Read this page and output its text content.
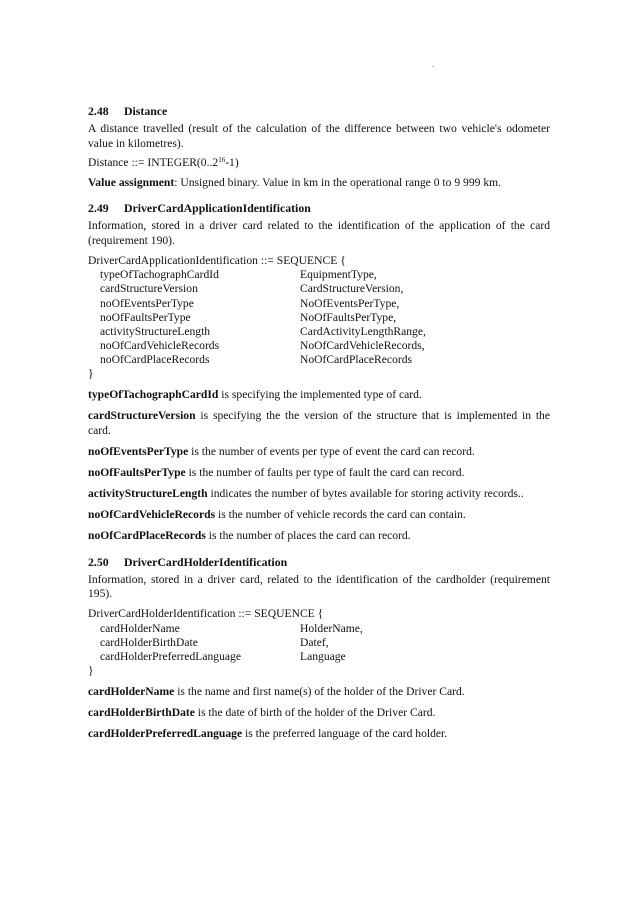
2.48 Distance

A distance travelled (result of the calculation of the difference between two vehicle's odometer value in kilometres).

Distance ::= $INTEGER(0..2^{16}-1)$

Value assignment: Unsigned binary. Value in km in the operational range 0 to 9 999 km.

2.49 DriverCardApplicationIdentification

Information, stored in a driver card related to the identification of the application of the card (requirement 190).

DriverCardApplicationIdentification ::= SEQUENCE {
typeOfTachographCardId	EquipmentType,
cardStructureVersion	CardStructureVersion,
noOfEventsPerType	NoOfEventsPerType,
noOfFaultsPerType	NoOfFaultsPerType,
activityStructureLength	CardActivityLengthRange,
noOfCardVehicleRecords	NoOfCardVehicleRecords,
noOfCardPlaceRecords	NoOfCardPlaceRecords
}

typeOfTachographCardId is specifying the implemented type of card.

cardStructureVersion is specifying the the version of the structure that is implemented in the card.

noOfEventsPerType is the number of events per type of event the card can record.

noOfFaultsPerType is the number of faults per type of fault the card can record.

activityStructureLength indicates the number of bytes available for storing activity records..

noOfCardVehicleRecords is the number of vehicle records the card can contain.

noOfCardPlaceRecords is the number of places the card can record.

2.50 DriverCardHolderIdentification

Information, stored in a driver card, related to the identification of the cardholder (requirement 195).

DriverCardHolderIdentification ::= SEQUENCE {
cardHolderName	HolderName,
cardHolderBirthDate	Datef,
cardHolderPreferredLanguage	Language
}

cardHolderName is the name and first name(s) of the holder of the Driver Card.

cardHolderBirthDate is the date of birth of the holder of the Driver Card.

cardHolderPreferredLanguage is the preferred language of the card holder.
